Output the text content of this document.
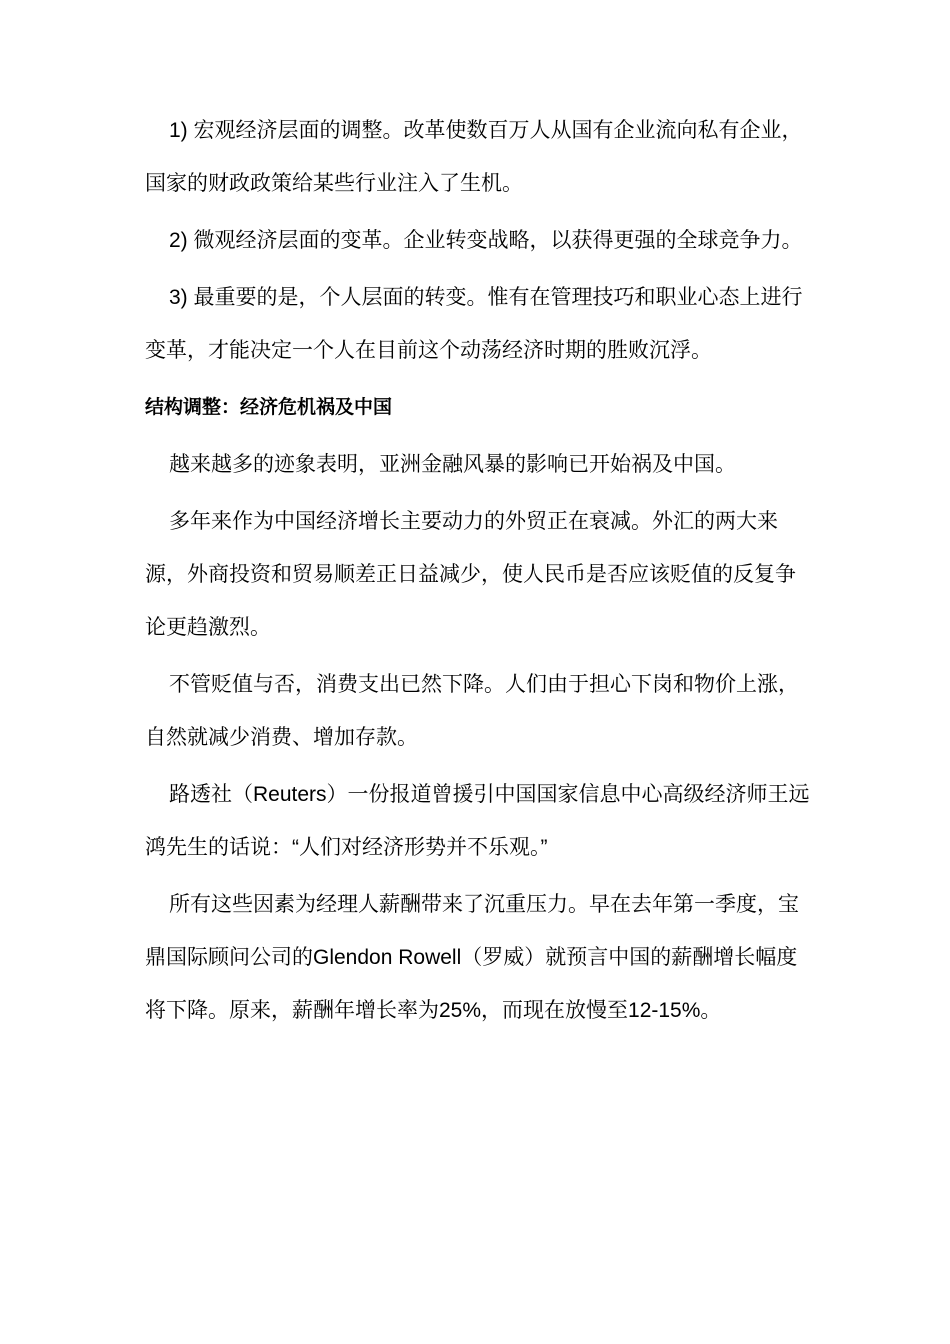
1) 宏观经济层面的调整。改革使数百万人从国有企业流向私有企业，国家的财政政策给某些行业注入了生机。

2) 微观经济层面的变革。企业转变战略，以获得更强的全球竞争力。

3) 最重要的是，个人层面的转变。惟有在管理技巧和职业心态上进行变革，才能决定一个人在目前这个动荡经济时期的胜败沉浮。

结构调整：经济危机祸及中国

越来越多的迹象表明，亚洲金融风暴的影响已开始祸及中国。

多年来作为中国经济增长主要动力的外贸正在衰减。外汇的两大来源，外商投资和贸易顺差正日益减少，使人民币是否应该贬值的反复争论更趋激烈。

不管贬值与否，消费支出已然下降。人们由于担心下岗和物价上涨，自然就减少消费、增加存款。

路透社（Reuters）一份报道曾援引中国国家信息中心高级经济师王远鸿先生的话说：“人们对经济形势并不乐观。”

所有这些因素为经理人薪酬带来了沉重压力。早在去年第一季度，宝鼎国际顾问公司的Glendon Rowell（罗威）就预言中国的薪酬增长幅度将下降。原来，薪酬年增长率为25%，而现在放慢至12-15%。
